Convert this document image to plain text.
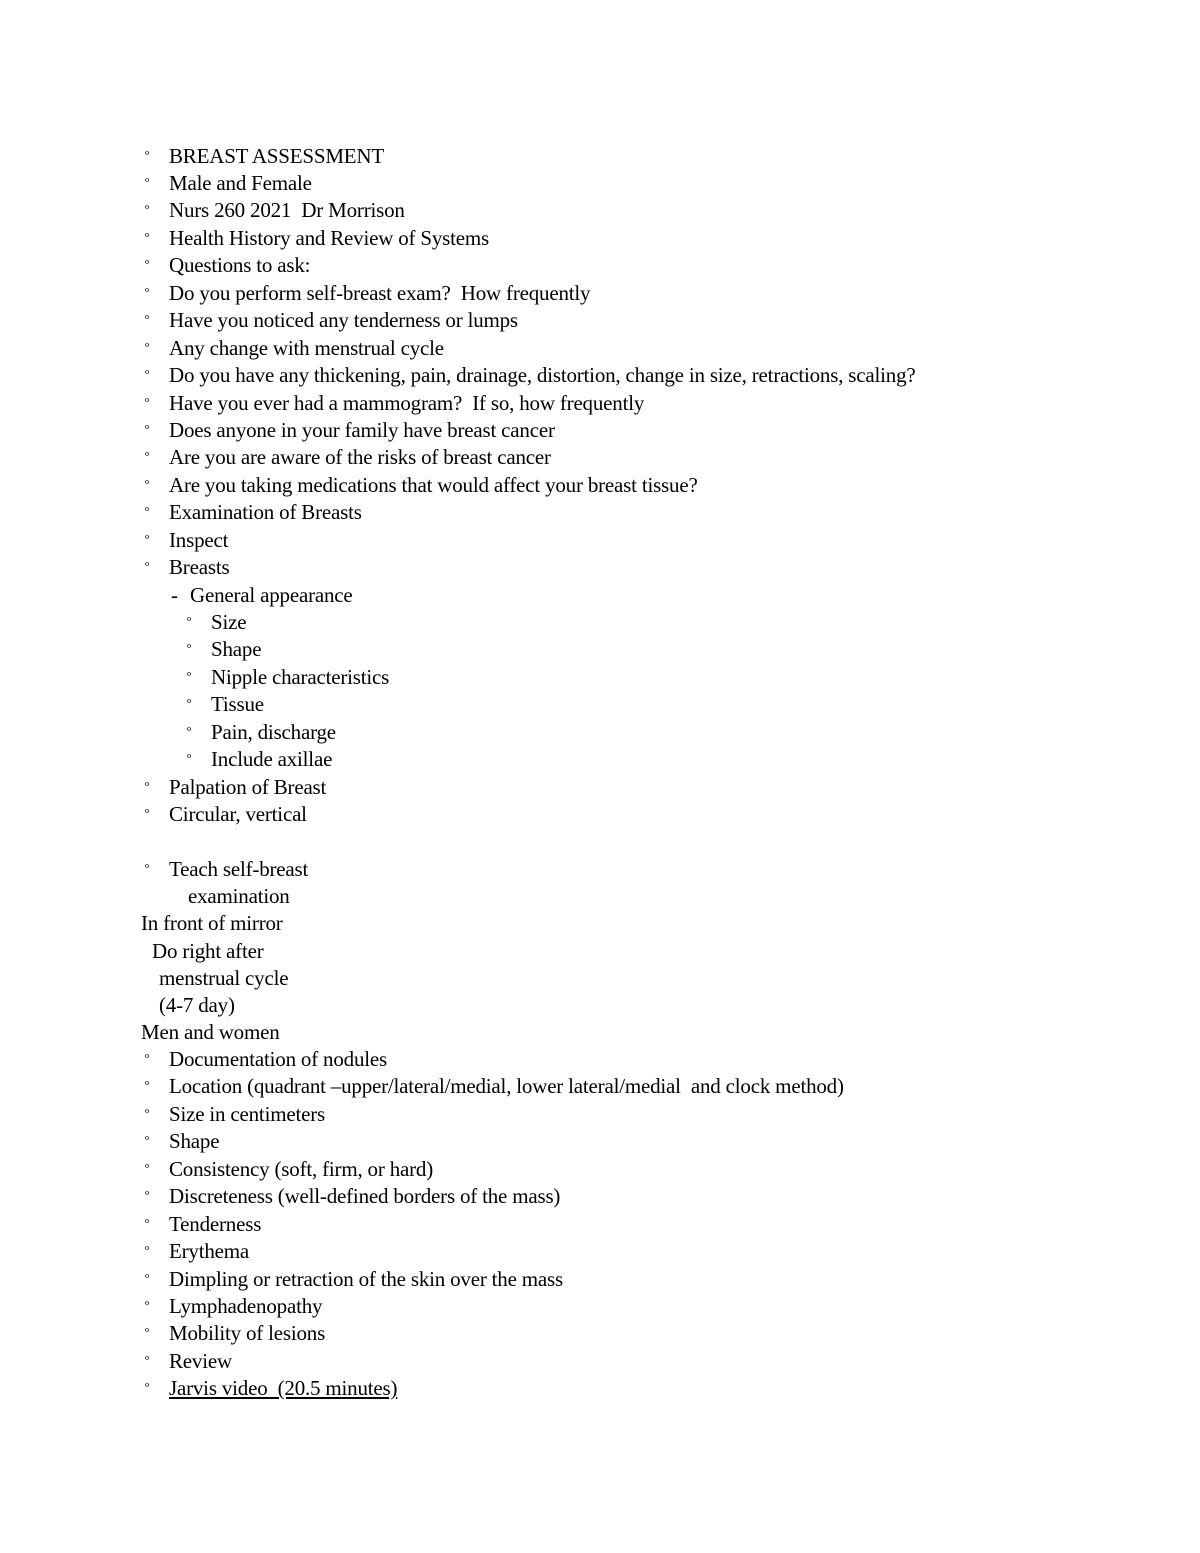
º BREAST ASSESSMENT
º Male and Female
º Nurs 260 2021  Dr Morrison
º Health History and Review of Systems
º Questions to ask:
º Do you perform self-breast exam?  How frequently
º Have you noticed any tenderness or lumps
º Any change with menstrual cycle
º Do you have any thickening, pain, drainage, distortion, change in size, retractions, scaling?
º Have you ever had a mammogram?  If so, how frequently
º Does anyone in your family have breast cancer
º Are you are aware of the risks of breast cancer
º Are you taking medications that would affect your breast tissue?
º Examination of Breasts
º Inspect
º Breasts
- General appearance
º Size
º Shape
º Nipple characteristics
º Tissue
º Pain, discharge
º Include axillae
º Palpation of Breast
º Circular, vertical
º Teach self-breast
examination
In front of mirror
Do right after
menstrual cycle
(4-7 day)
Men and women
º Documentation of nodules
º Location (quadrant –upper/lateral/medial, lower lateral/medial  and clock method)
º Size in centimeters
º Shape
º Consistency (soft, firm, or hard)
º Discreteness (well-defined borders of the mass)
º Tenderness
º Erythema
º Dimpling or retraction of the skin over the mass
º Lymphadenopathy
º Mobility of lesions
º Review
º Jarvis video  (20.5 minutes)
